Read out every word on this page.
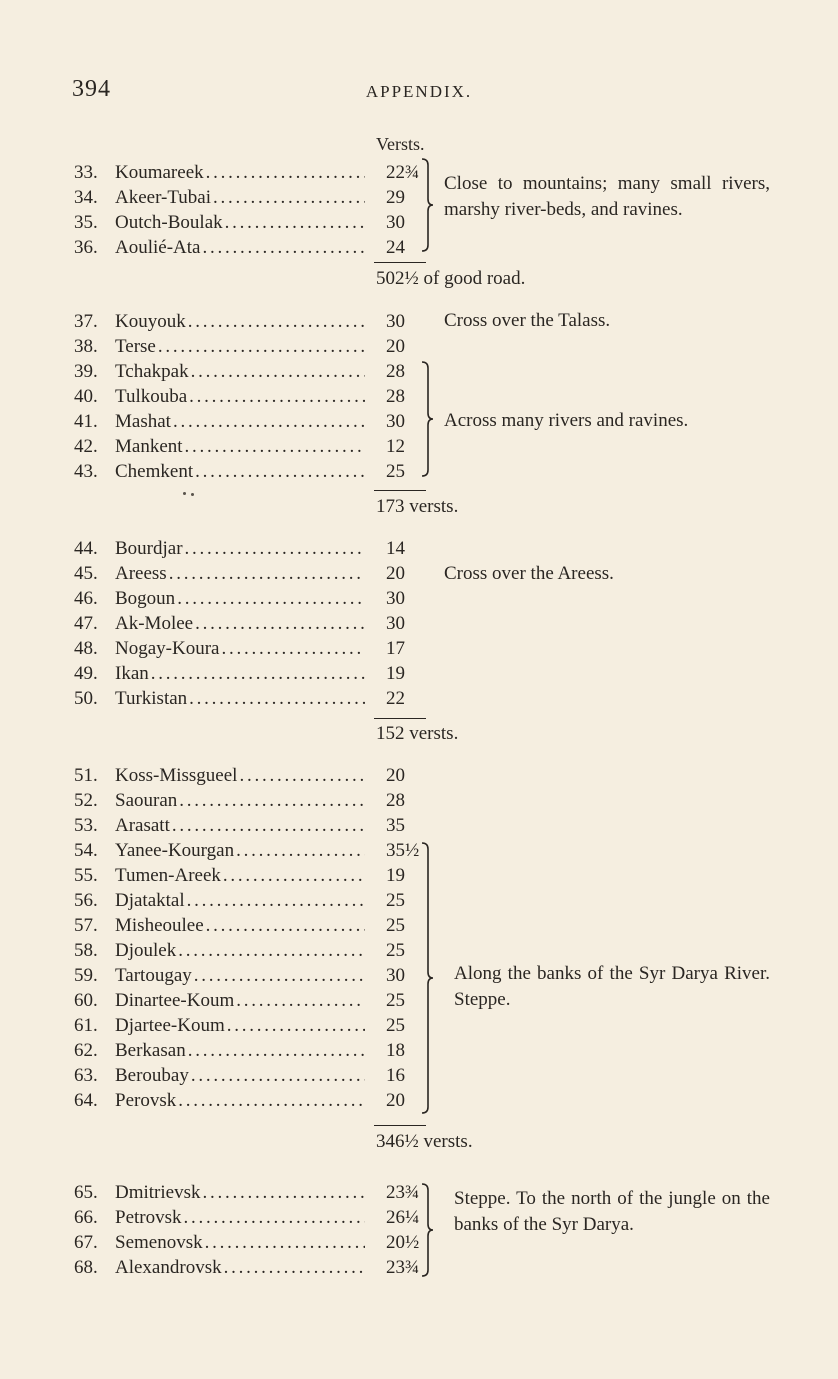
394	APPENDIX.
Versts.
33. Koumareek . . .	22¾
34. Akeer-Tubai . . .	29
35. Outch-Boulak . . .	30
36. Aoulié-Ata . . .	24
37. Kouyouk . . .	30
38. Terse . . .	20
39. Tchakpak . . .	28
40. Tulkouba . . .	28
41. Mashat . . .	30
42. Mankent . . .	12
43. Chemkent . . .	25
44. Bourdjar . . .	14
45. Areess . . .	20
46. Bogoun . . .	30
47. Ak-Molee . . .	30
48. Nogay-Koura . . .	17
49. Ikan . . .	19
50. Turkistan . . .	22
51. Koss-Missgueel . . .	20
52. Saouran . . .	28
53. Arasatt . . .	35
54. Yanee-Kourgan . . .	35½
55. Tumen-Areek . . .	19
56. Djataktal . . .	25
57. Misheoulee . . .	25
58. Djoulek . . .	25
59. Tartougay . . .	30
60. Dinartee-Koum . . .	25
61. Djartee-Koum . . .	25
62. Berkasan . . .	18
63. Beroubay . . .	16
64. Perovsk . . .	20
65. Dmitrievsk . . .	23¾
66. Petrovsk . . .	26¼
67. Semenovsk . . .	20½
68. Alexandrovsk . . .	23¾
502½ of good road.
173 versts.
152 versts.
346½ versts.
Close to mountains; many small rivers, marshy river-beds, and ravines.
Cross over the Talass.
Across many rivers and ravines.
Cross over the Areess.
Along the banks of the Syr Darya River. Steppe.
Steppe. To the north of the jungle on the banks of the Syr Darya.
